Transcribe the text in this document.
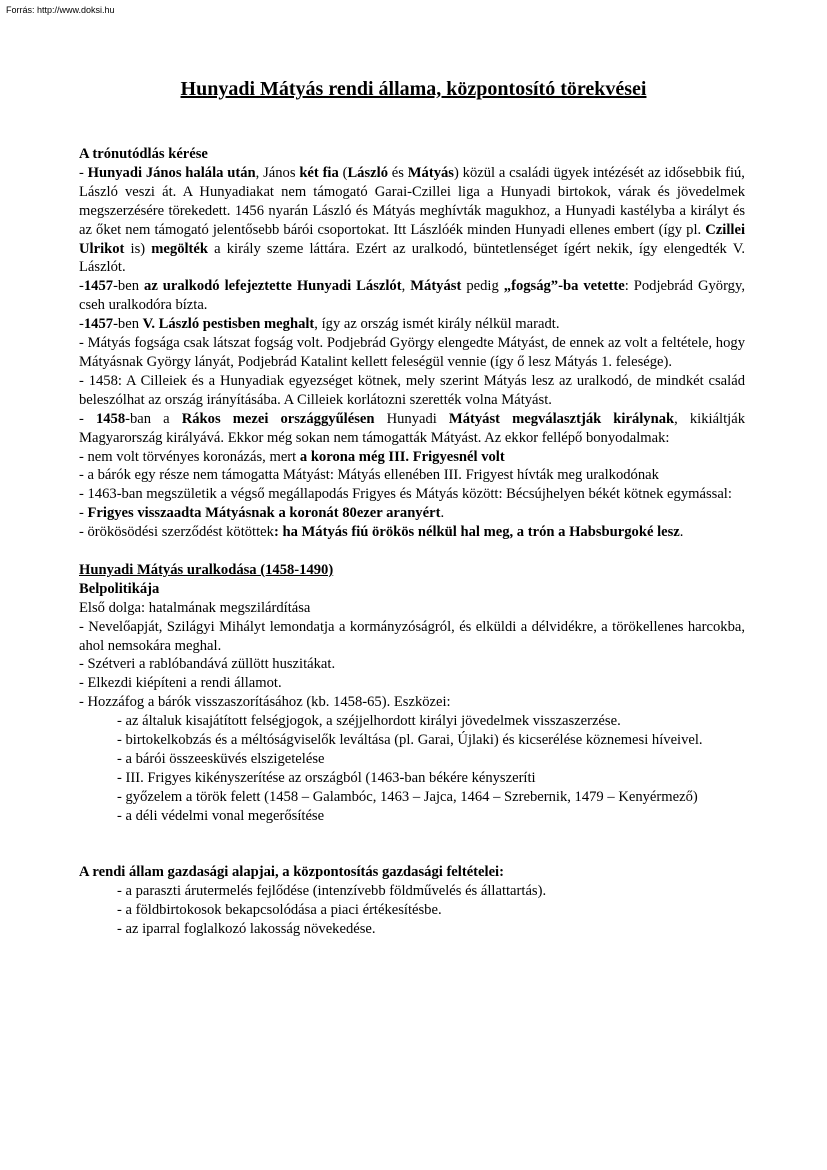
Forrás: http://www.doksi.hu
Hunyadi Mátyás rendi állama, központosító törekvései

A trónutódlás kérése

- Hunyadi János halála után, János két fia (László és Mátyás) közül a családi ügyek intézését az idősebbik fiú, László veszi át. A Hunyadiakat nem támogató Garai-Czillei liga a Hunyadi birtokok, várak és jövedelmek megszerzésére törekedett. 1456 nyarán László és Mátyás meghívták magukhoz, a Hunyadi kastélyba a királyt és az őket nem támogató jelentősebb bárói csoportokat. Itt Lászlóék minden Hunyadi ellenes embert (így pl. Czillei Ulrikot is) megölték a király szeme láttára. Ezért az uralkodó, büntetlenséget ígért nekik, így elengedték V. Lászlót.

-1457-ben az uralkodó lefejeztette Hunyadi Lászlót, Mátyást pedig „fogság”-ba vetette: Podjebrád György, cseh uralkodóra bízta.

-1457-ben V. László pestisben meghalt, így az ország ismét király nélkül maradt.

- Mátyás fogsága csak látszat fogság volt. Podjebrád György elengedte Mátyást, de ennek az volt a feltétele, hogy Mátyásnak György lányát, Podjebrád Katalint kellett feleségül vennie (így ő lesz Mátyás 1. felesége).

- 1458: A Cilleiek és a Hunyadiak egyezséget kötnek, mely szerint Mátyás lesz az uralkodó, de mindkét család beleszólhat az ország irányításába. A Cilleiek korlátozni szerették volna Mátyást.

- 1458-ban a Rákos mezei országgyűlésen Hunyadi Mátyást megválasztják királynak, kikiáltják Magyarország királyává. Ekkor még sokan nem támogatták Mátyást. Az ekkor fellépő bonyodalmak:

- nem volt törvényes koronázás, mert a korona még III. Frigyesnél volt

- a bárók egy része nem támogatta Mátyást: Mátyás ellenében III. Frigyest hívták meg uralkodónak

- 1463-ban megszületik a végső megállapodás Frigyes és Mátyás között: Bécsújhelyen békét kötnek egymással:

- Frigyes visszaadta Mátyásnak a koronát 80ezer aranyért.

- örökösödési szerződést kötöttek: ha Mátyás fiú örökös nélkül hal meg, a trón a Habsburgoké lesz.

Hunyadi Mátyás uralkodása (1458-1490)

Belpolitikája

Első dolga: hatalmának megszilárdítása

- Nevelőapját, Szilágyi Mihályt lemondatja a kormányzóságról, és elküldi a délvidékre, a törökellenes harcokba, ahol nemsokára meghal.

- Szétveri a rablóbandává züllött huszitákat.

- Elkezdi kiépíteni a rendi államot.

- Hozzáfog a bárók visszaszorításához (kb. 1458-65). Eszközei:

- az általuk kisajátított felségjogok, a széjjelhordott királyi jövedelmek visszaszerzése.

- birtokelkobzás és a méltóságviselők leváltása (pl. Garai, Újlaki) és kicserélése köznemesi híveivel.

- a bárói összeesküvés elszigetelése

- III. Frigyes kikényszerítése az országból (1463-ban békére kényszeríti

- győzelem a török felett (1458 – Galambóc, 1463 – Jajca, 1464 – Szrebernik, 1479 – Kenyérmező)

- a déli védelmi vonal megerősítése

A rendi állam gazdasági alapjai, a központosítás gazdasági feltételei:

- a paraszti árutermelés fejlődése (intenzívebb földművelés és állattartás).

- a földbirtokosok bekapcsolódása a piaci értékesítésbe.

- az iparral foglalkozó lakosság növekedése.
